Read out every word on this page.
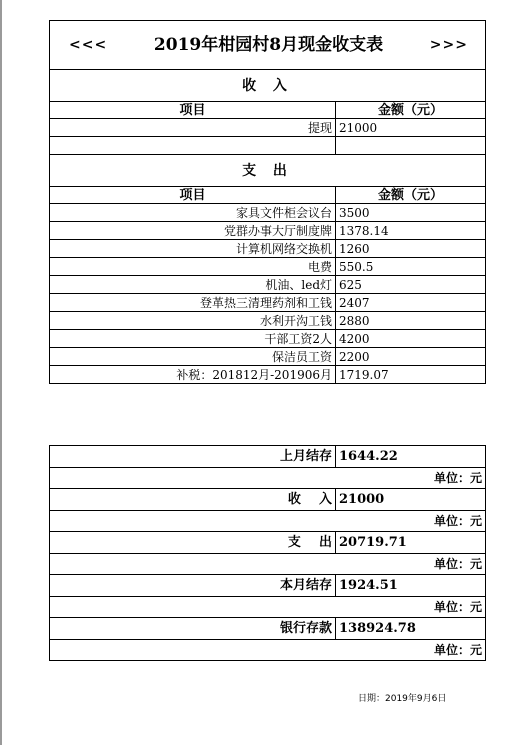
<<< 2019年柑园村8月现金收支表 >>>	

收 入	
项目	金额（元）
提现	21000

支 出	
项目	金额（元）
家具文件柜会议台	3500
党群办事大厅制度牌	1378.14
计算机网络交换机	1260
电费	550.5
机油、led灯	625
登革热三清理药剂和工钱	2407
水利开沟工钱	2880
干部工资2人	4200
保洁员工资	2200
补税：201812月-201906月	1719.07
上月结存	1644.22
单位：元	
收    入	21000
单位：元	
支    出	20719.71
单位：元	
本月结存	1924.51
单位：元	
银行存款	138924.78
单位：元	
日期：2019年9月6日
